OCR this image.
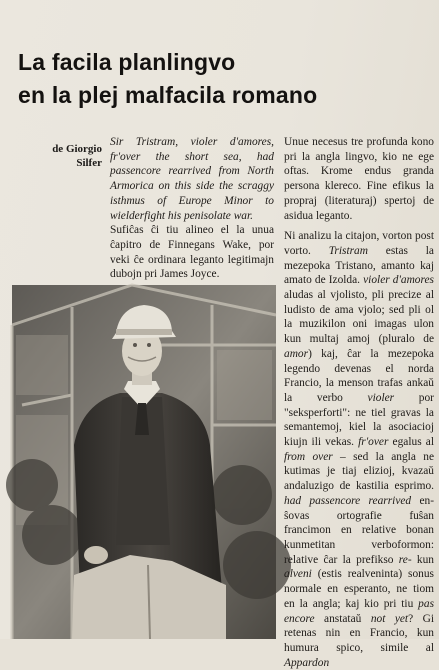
La facila planlingvo
en la plej malfacila romano
de Giorgio
Silfer

Sir Tristram, violer d'amores, fr'over the short sea, had passencore rearrived from North Armorica on this side the scraggy isthmus of Europe Minor to wielderfight his penisolate war.

Sufiĉas ĉi tiu alineo el la unua ĉapitro de Finnegans Wake, por veki ĉe ordinara leganto legitimajn dubojn pri James Joyce.

Unue necesus tre profunda kono pri la angla lingvo, kio ne ege oftas. Krome endus granda persona klereco. Fine efikus la propraj (literaturaj) spertoj de asidua leganto.

Ni analizu la citajon, vorton post vorto. Tristram estas la mezepoka Tristano, amanto kaj amato de Izolda. violer d'amores aludas al vjolisto, pli precize al ludisto de ama vjolo; sed pli ol la muzikilon oni imagas ulon kun multaj amoj (pluralo de amor) kaj, ĉar la mezepoka legendo devenas el norda Francio, la menson trafas ankaŭ la verbo violer por "seksperforti": ne tiel gravas la semantemoj, kiel la asociacioj kiujn ili vekas. fr'over egalus al from over – sed la angla ne kutimas je tiaj elizioj, kvazaŭ andaluzigo de kastilia esprimo. had passencore rearrived en-ŝovas ortografie fuŝan francimon en relative bonan kunmetitan verboformon: relative ĉar la prefikso re- kun alveni (estis realveninta) sonus normale en esperanto, ne tiom en la angla; kaj kio pri tiu pas encore anstataŭ not yet? Gi retenas nin en Francio, kun humura spico, simile al Appardon
